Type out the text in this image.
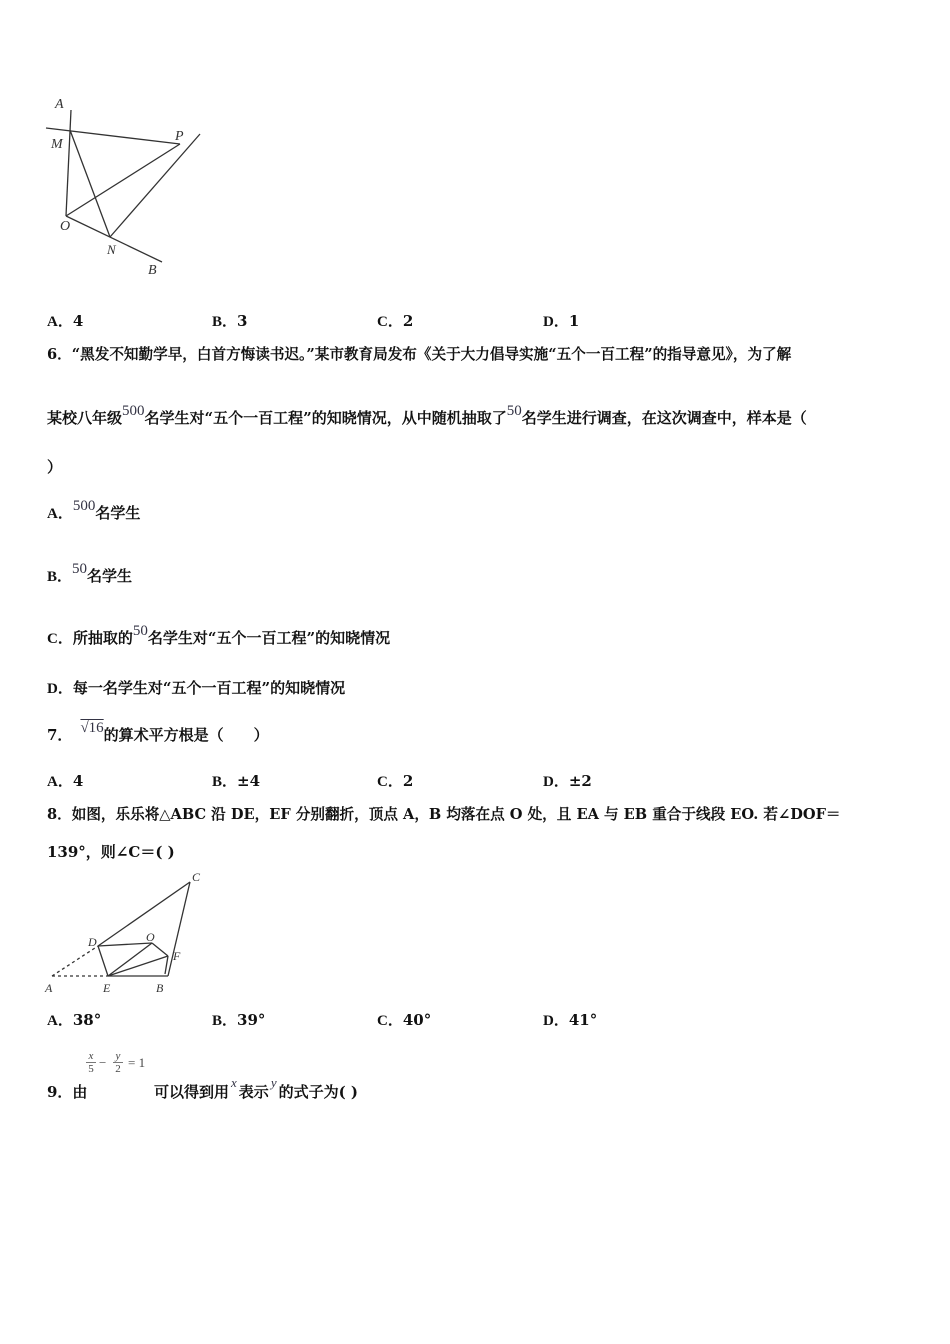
A
M
P
O
N
B
A．4	B．3	C．2	D．1
6．“黑发不知勤学早，白首方悔读书迟。”某市教育局发布《关于大力倡导实施“五个一百工程”的指导意见》，为了解
某校八年级500名学生对“五个一百工程”的知晓情况，从中随机抽取了50名学生进行调查，在这次调查中，样本是（
）
A．500名学生
B．50名学生
C．所抽取的50名学生对“五个一百工程”的知晓情况
D．每一名学生对“五个一百工程”的知晓情况
7． √16的算术平方根是（　　）
A．4	B．±4	C．2	D．±2
8．如图，乐乐将△ABC 沿 DE，EF 分别翻折，顶点 A，B 均落在点 O 处，且 EA 与 EB 重合于线段 EO. 若∠DOF＝
139°，则∠C＝( )
C
D	O
F
A	E	B
A．38°	B．39°	C．40°	D．41°
x
5 − y
2 = 1
9．由	可以得到用x表示y的式子为( )
